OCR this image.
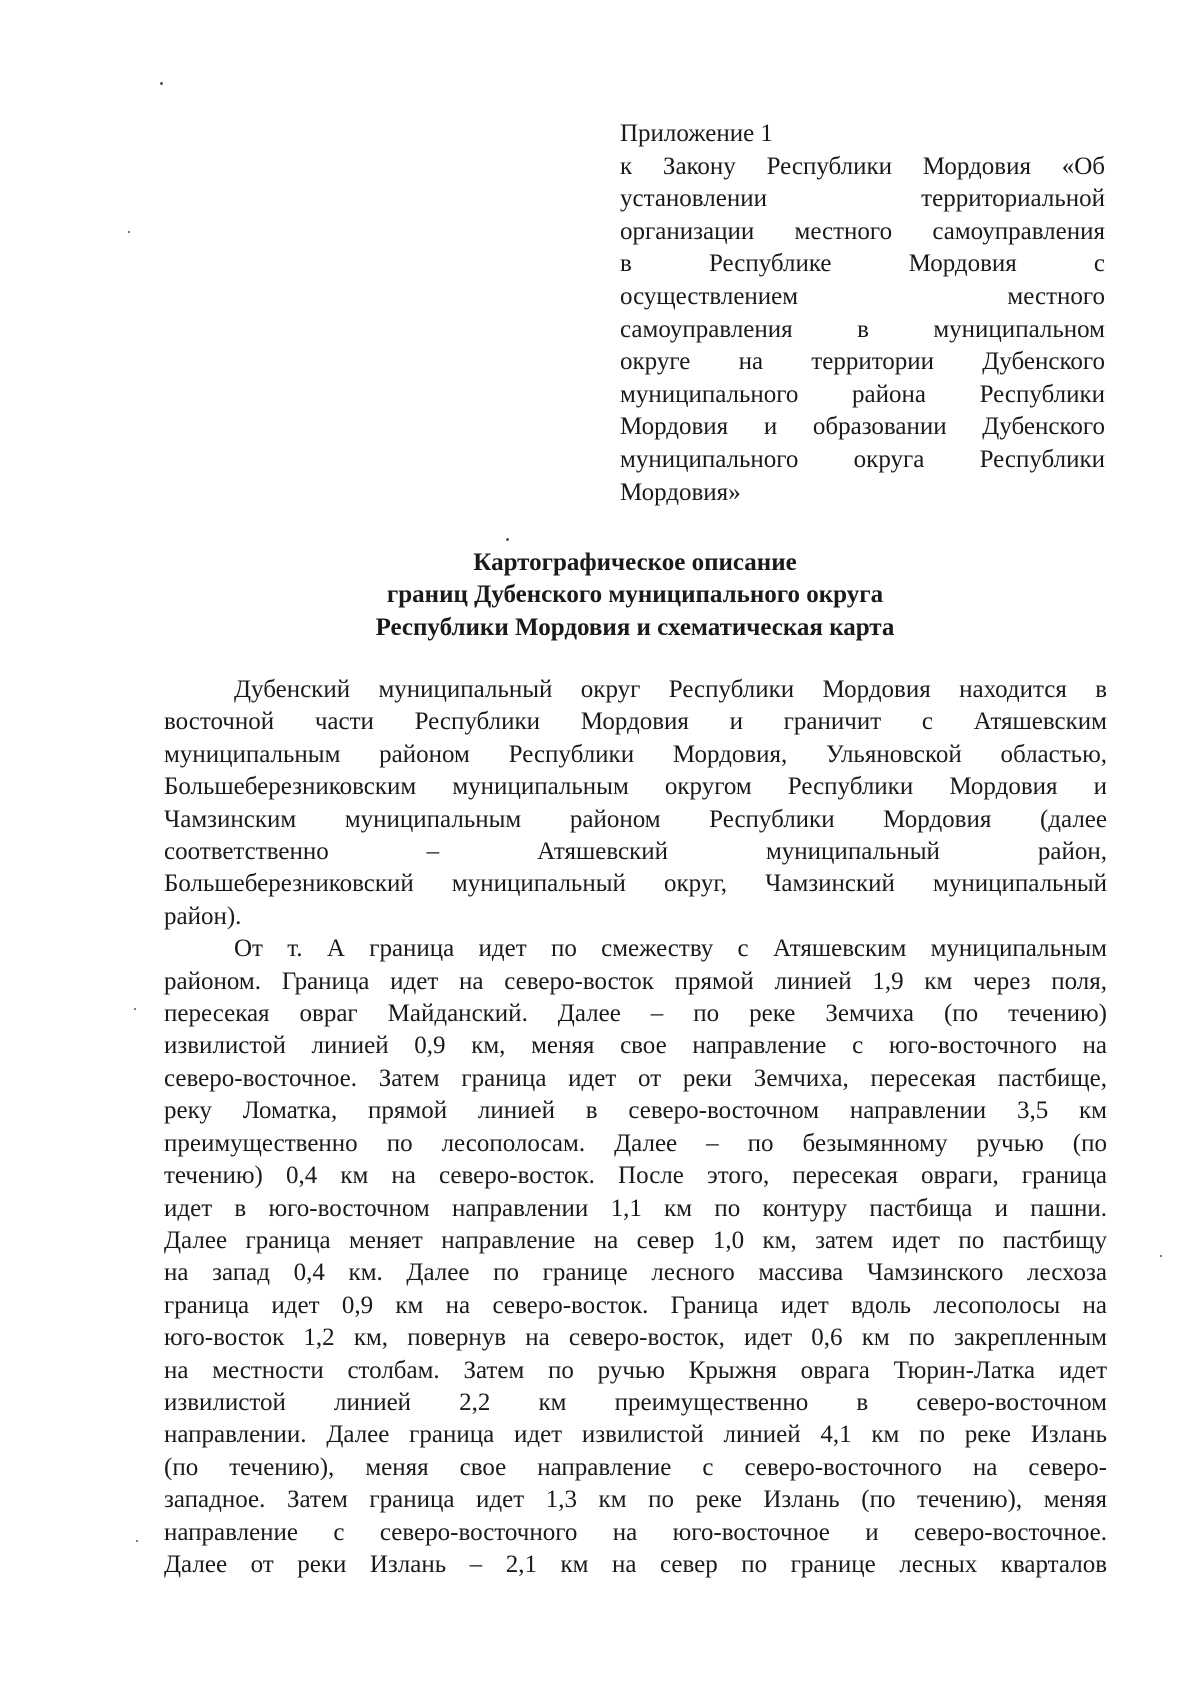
Приложение 1
к Закону Республики Мордовия «Об
установлении территориальной
организации местного самоуправления
в Республике Мордовия с
осуществлением местного
самоуправления в муниципальном
округе на территории Дубенского
муниципального района Республики
Мордовия и образовании Дубенского
муниципального округа Республики
Мордовия»
Картографическое описание
границ Дубенского муниципального округа
Республики Мордовия и схематическая карта
Дубенский муниципальный округ Республики Мордовия находится в
восточной части Республики Мордовия и граничит с Атяшевским
муниципальным районом Республики Мордовия, Ульяновской областью,
Большеберезниковским муниципальным округом Республики Мордовия и
Чамзинским муниципальным районом Республики Мордовия (далее
соответственно – Атяшевский муниципальный район,
Большеберезниковский муниципальный округ, Чамзинский муниципальный
район).
От т. А граница идет по смежеству с Атяшевским муниципальным
районом. Граница идет на северо-восток прямой линией 1,9 км через поля,
пересекая овраг Майданский. Далее – по реке Земчиха (по течению)
извилистой линией 0,9 км, меняя свое направление с юго-восточного на
северо-восточное. Затем граница идет от реки Земчиха, пересекая пастбище,
реку Ломатка, прямой линией в северо-восточном направлении 3,5 км
преимущественно по лесополосам. Далее – по безымянному ручью (по
течению) 0,4 км на северо-восток. После этого, пересекая овраги, граница
идет в юго-восточном направлении 1,1 км по контуру пастбища и пашни.
Далее граница меняет направление на север 1,0 км, затем идет по пастбищу
на запад 0,4 км. Далее по границе лесного массива Чамзинского лесхоза
граница идет 0,9 км на северо-восток. Граница идет вдоль лесополосы на
юго-восток 1,2 км, повернув на северо-восток, идет 0,6 км по закрепленным
на местности столбам. Затем по ручью Крыжня оврага Тюрин-Латка идет
извилистой линией 2,2 км преимущественно в северо-восточном
направлении. Далее граница идет извилистой линией 4,1 км по реке Излань
(по течению), меняя свое направление с северо-восточного на северо-
западное. Затем граница идет 1,3 км по реке Излань (по течению), меняя
направление с северо-восточного на юго-восточное и северо-восточное.
Далее от реки Излань – 2,1 км на север по границе лесных кварталов
